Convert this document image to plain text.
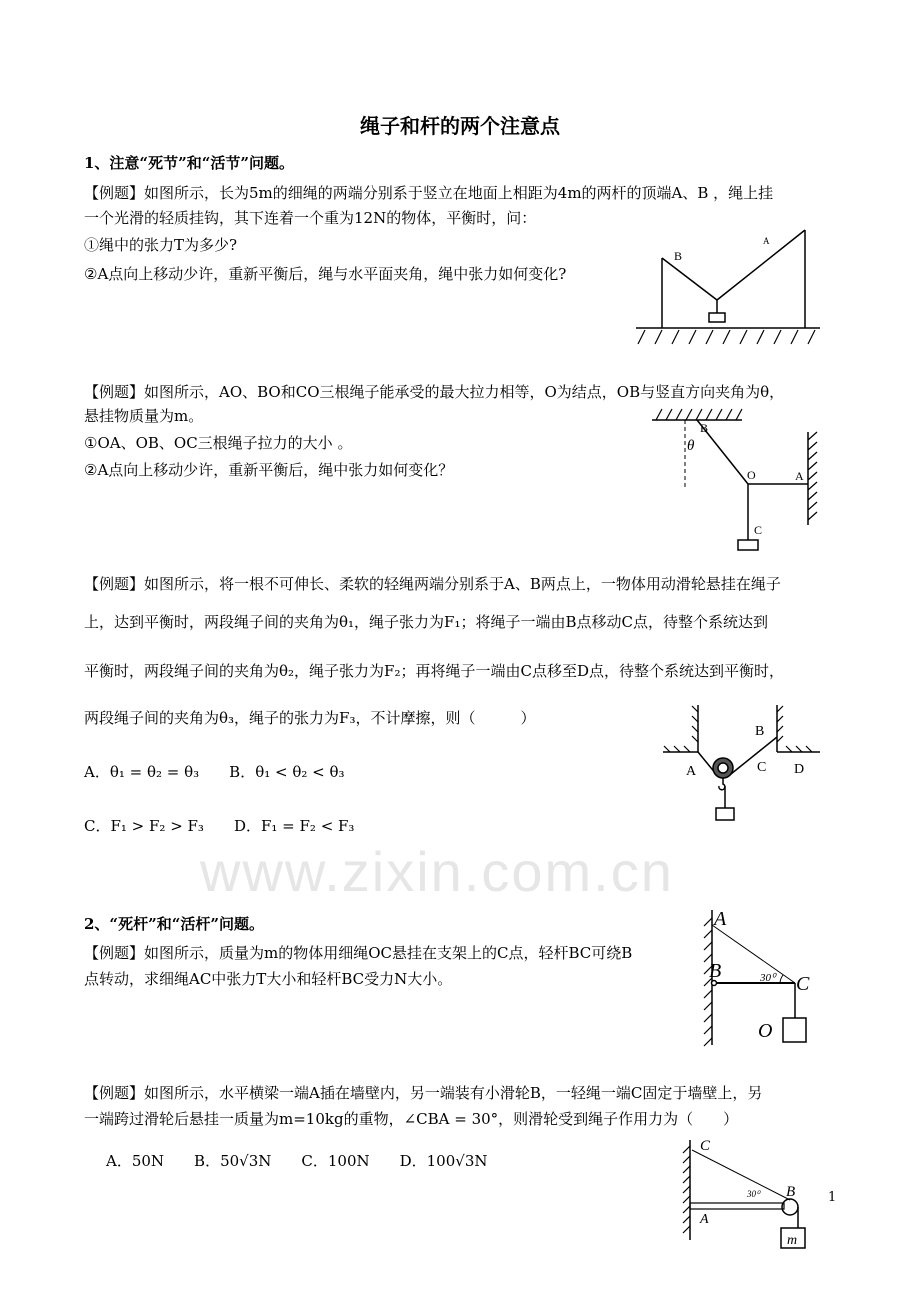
www.zixin.com.cn
绳子和杆的两个注意点
1、注意“死节”和“活节”问题。
【例题】如图所示，长为5m的细绳的两端分别系于竖立在地面上相距为4m的两杆的顶端A、B ，绳上挂
一个光滑的轻质挂钩，其下连着一个重为12N的物体，平衡时，问：
①绳中的张力T为多少?
②A点向上移动少许，重新平衡后，绳与水平面夹角，绳中张力如何变化?
【例题】如图所示，AO、BO和CO三根绳子能承受的最大拉力相等，O为结点，OB与竖直方向夹角为θ，
悬挂物质量为m。
①OA、OB、OC三根绳子拉力的大小 。
②A点向上移动少许，重新平衡后，绳中张力如何变化？
【例题】如图所示，将一根不可伸长、柔软的轻绳两端分别系于A、B两点上，一物体用动滑轮悬挂在绳子
上，达到平衡时，两段绳子间的夹角为θ₁，绳子张力为F₁；将绳子一端由B点移动C点，待整个系统达到
平衡时，两段绳子间的夹角为θ₂，绳子张力为F₂；再将绳子一端由C点移至D点，待整个系统达到平衡时，
两段绳子间的夹角为θ₃，绳子的张力为F₃，不计摩擦，则（　　　）
A．θ₁ = θ₂ = θ₃　　B．θ₁ < θ₂ < θ₃
C．F₁ > F₂ > F₃　　D．F₁ = F₂ < F₃
2、“死杆”和“活杆”问题。
【例题】如图所示，质量为m的物体用细绳OC悬挂在支架上的C点，轻杆BC可绕B
点转动，求细绳AC中张力T大小和轻杆BC受力N大小。
【例题】如图所示，水平横梁一端A插在墙壁内，另一端装有小滑轮B，一轻绳一端C固定于墙壁上，另
一端跨过滑轮后悬挂一质量为m=10kg的重物，∠CBA = 30°，则滑轮受到绳子作用力为（　　）
A．50N　　B．50√3N　　C．100N　　D．100√3N
1
B
A
B
θ
O	A
C
A
B
C D
A
B	30⁰ C
O
C
B
30⁰
A
m
